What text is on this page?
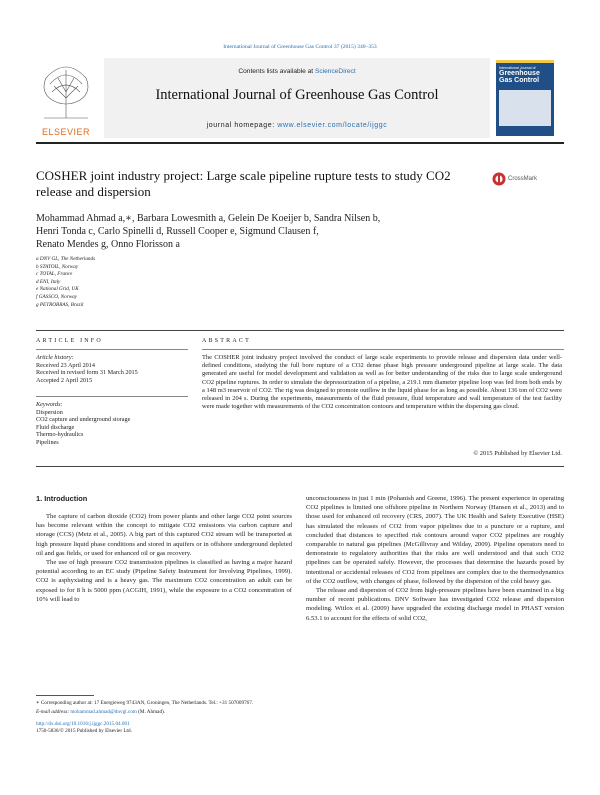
International Journal of Greenhouse Gas Control 37 (2015) 340–353
ELSEVIER
Contents lists available at ScienceDirect
International Journal of Greenhouse Gas Control
journal homepage: www.elsevier.com/locate/ijggc
International Journal of
Greenhouse
Gas Control
COSHER joint industry project: Large scale pipeline rupture tests to study CO2 release and dispersion
CrossMark
Mohammad Ahmad a,∗, Barbara Lowesmith a, Gelein De Koeijer b, Sandra Nilsen b,
Henri Tonda c, Carlo Spinelli d, Russell Cooper e, Sigmund Clausen f,
Renato Mendes g, Onno Florisson a
a DNV GL, The Netherlands
b STATOIL, Norway
c TOTAL, France
d ENI, Italy
e National Grid, UK
f GASSCO, Norway
g PETROBRAS, Brazil
ARTICLE INFO
Article history:
Received 23 April 2014
Received in revised form 31 March 2015
Accepted 2 April 2015
Keywords:
Dispersion
CO2 capture and underground storage
Fluid discharge
Thermo-hydraulics
Pipelines
ABSTRACT
The COSHER joint industry project involved the conduct of large scale experiments to provide release and dispersion data under well-defined conditions, studying the full bore rupture of a CO2 dense phase high pressure underground pipeline at large scale. The data generated are useful for model development and validation as well as for better understanding of the risks due to large scale underground CO2 pipeline ruptures. In order to simulate the depressurization of a pipeline, a 219.1 mm diameter pipeline loop was fed from both ends by a 148 m3 reservoir of CO2. The rig was designed to promote outflow in the liquid phase for as long as possible. About 136 ton of CO2 were released in 204 s. During the experiments, measurements of the fluid pressure, fluid temperature and wall temperature of the test facility were made together with measurements of the CO2 concentration contours and temperature within the dispersing gas cloud.
© 2015 Published by Elsevier Ltd.
1. Introduction

The capture of carbon dioxide (CO2) from power plants and other large CO2 point sources has become relevant within the concept to mitigate CO2 emissions via carbon capture and storage (CCS) (Metz et al., 2005). A big part of this captured CO2 stream will be transported at high pressure liquid phase conditions and stored in aquifers or in offshore underground depleted oil and gas fields, or used for enhanced oil or gas recovery.

The use of high pressure CO2 transmission pipelines is classified as having a major hazard potential according to an EC study (Pipeline Safety Instrument for Involving Pipelines, 1999). CO2 is asphyxiating and is a heavy gas. The maximum CO2 concentration an adult can be exposed to for 8 h is 5000 ppm (ACGIH, 1991), while the exposure to a CO2 concentration of 10% will lead to

unconsciousness in just 1 min (Pohanish and Greene, 1996). The present experience in operating CO2 pipelines is limited one offshore pipeline in Northern Norway (Hansen et al., 2013) and to those used for enhanced oil recovery (CRS, 2007). The UK Health and Safety Executive (HSE) has simulated the releases of CO2 from vapor pipelines due to a puncture or a rupture, and concluded that distances to specified risk contours around vapor CO2 pipelines are roughly comparable to natural gas pipelines (McGillivray and Wilday, 2009). Pipeline operators need to demonstrate to regulatory authorities that the risks are well understood and that such CO2 pipelines can be operated safely. However, the processes that determine the hazards posed by intentional or accidental releases of CO2 from pipelines are complex due to the thermodynamics of the CO2 outflow, with changes of phase, followed by the dispersion of the cold heavy gas.

The release and dispersion of CO2 from high-pressure pipelines have been examined in a big number of recent publications. DNV Software has investigated CO2 release and dispersion modeling. Witlox et al. (2009) have upgraded the existing discharge model in PHAST version 6.53.1 to account for the effects of solid CO2,

∗ Corresponding author at: 17 Energieweg 9743AN, Groningen, The Netherlands. Tel.: +31 507009767.
E-mail address: mohammad.ahmad@dnvgl.com (M. Ahmad).
http://dx.doi.org/10.1016/j.ijggc.2015.04.001
1750-5836/© 2015 Published by Elsevier Ltd.
